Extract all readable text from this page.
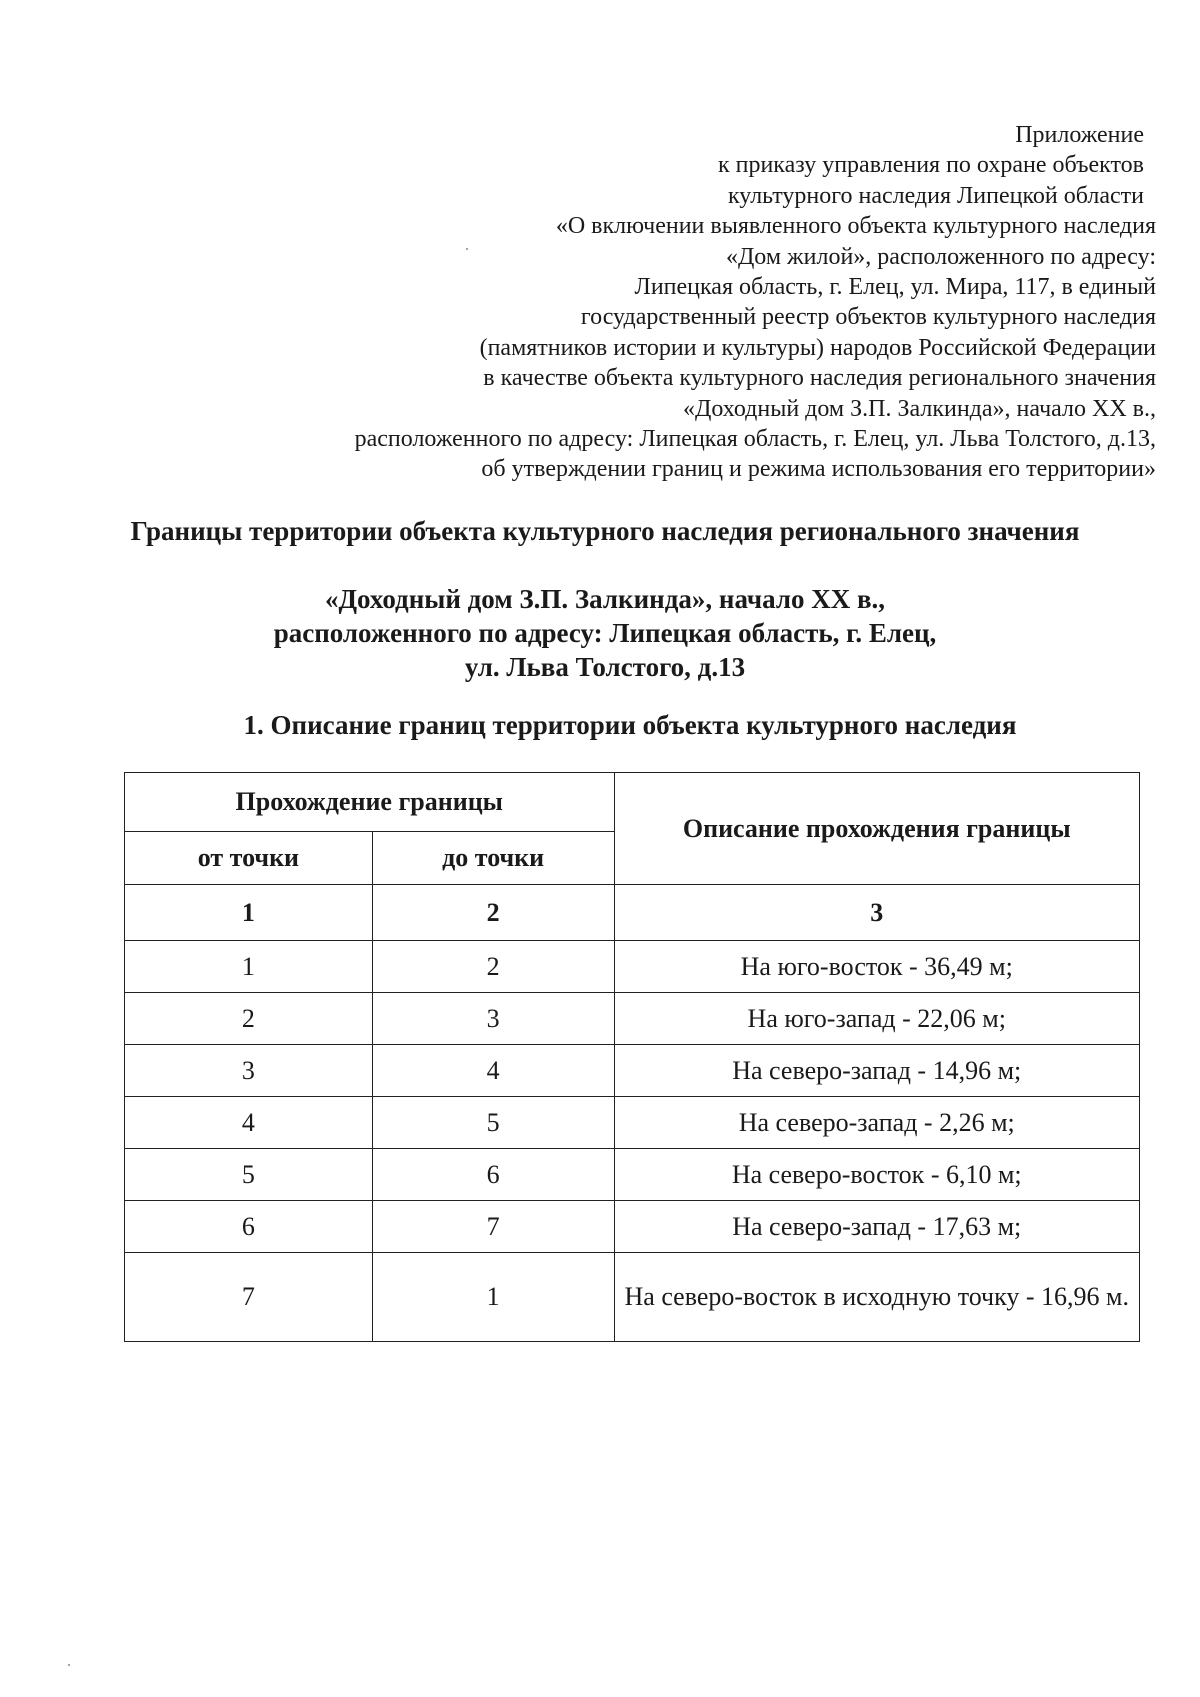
Приложение
к приказу управления по охране объектов
культурного наследия Липецкой области
«О включении выявленного объекта культурного наследия
«Дом жилой», расположенного по адресу:
Липецкая область, г. Елец, ул. Мира, 117, в единый
государственный реестр объектов культурного наследия
(памятников истории и культуры) народов Российской Федерации
в качестве объекта культурного наследия регионального значения
«Доходный дом З.П. Залкинда», начало XX в.,
расположенного по адресу: Липецкая область, г. Елец, ул. Льва Толстого, д.13,
об утверждении границ и режима использования его территории»
Границы территории объекта культурного наследия регионального значения
«Доходный дом З.П. Залкинда», начало XX в.,
расположенного по адресу: Липецкая область, г. Елец,
ул. Льва Толстого, д.13
1. Описание границ территории объекта культурного наследия
Прохождение границы		Описание прохождения границы
от точки	до точки	
1	2	3
1	2	На юго-восток - 36,49 м;
2	3	На юго-запад - 22,06 м;
3	4	На северо-запад - 14,96 м;
4	5	На северо-запад - 2,26 м;
5	6	На северо-восток - 6,10 м;
6	7	На северо-запад - 17,63 м;
7	1	На северо-восток в исходную точку - 16,96 м.
